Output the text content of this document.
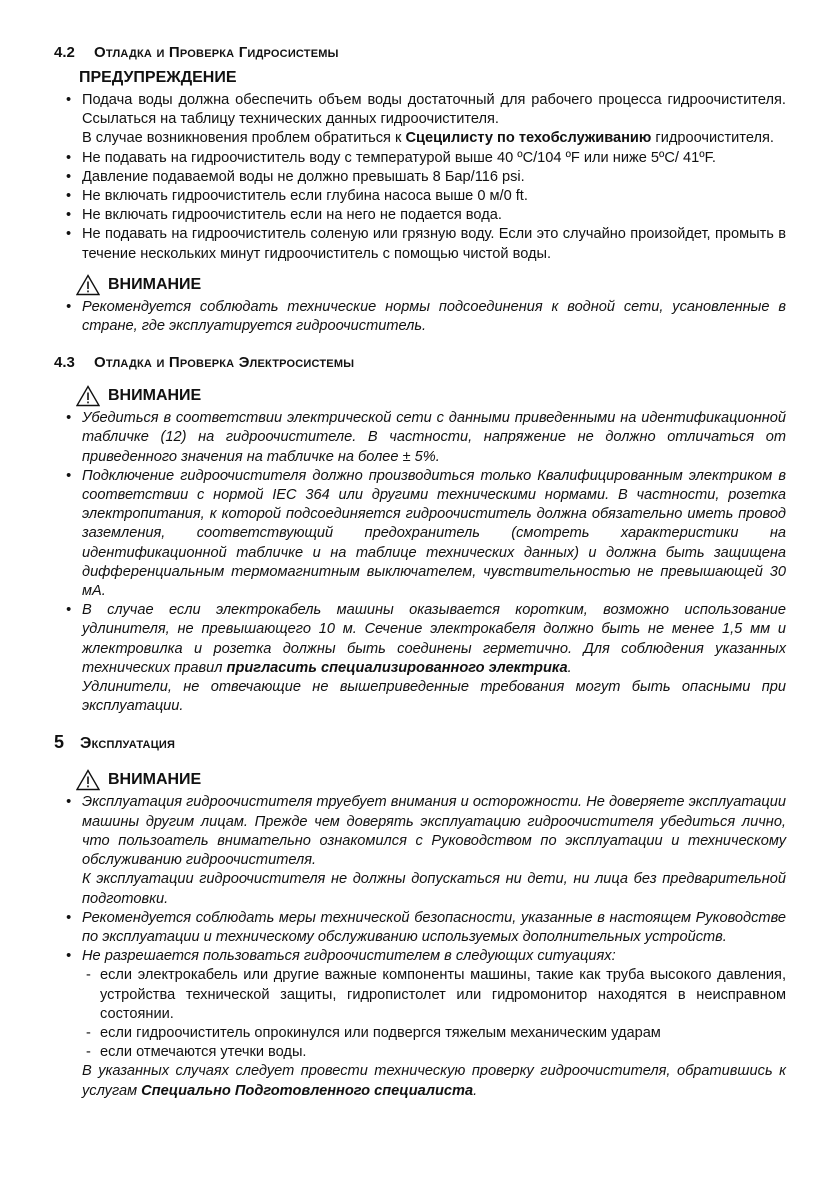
4.2	Отладка и Проверка Гидросистемы
ПРЕДУПРЕЖДЕНИЕ
• Подача воды должна обеспечить объем воды достаточный для рабочего процесса гидроочистителя. Ссылаться на таблицу технических данных гидроочистителя.
В случае возникновения проблем обратиться к Сцецилисту по техобслуживанию гидроочистителя.
• Не подавать на гидроочиститель воду с температурой выше 40 ºC/104 ºF или ниже 5ºC/ 41ºF.
• Давление подаваемой воды не должно превышать 8 Бар/116 psi.
• Не включать гидроочиститель если глубина насоса выше 0 м/0 ft.
• Не включать гидроочиститель если на него не подается вода.
• Не подавать на гидроочиститель соленую или грязную воду. Если это случайно произойдет, промыть в течение нескольких минут гидроочиститель с помощью чистой воды.
ВНИМАНИЕ
• Рекомендуется соблюдать технические нормы подсоединения к водной сети, усановленные в стране, где эксплуатируется гидроочиститель.
4.3	Отладка и Проверка Электросистемы
ВНИМАНИЕ
• Убедиться в соответствии электрической сети с данными приведенными на идентификационной табличке (12) на гидроочистителе. В частности, напряжение не должно отличаться от приведенного значения на табличке на более ± 5%.
• Подключение гидроочистителя должно производиться только Квалифицированным электриком в соответствии с нормой IEC 364 или другими техническими нормами. В частности, розетка электропитания, к которой подсоединяется гидроочиститель должна обязательно иметь провод заземления, соответствующий предохранитель (смотреть характеристики на идентификационной табличке и на таблице технических данных) и должна быть защищена дифференциальным термомагнитным выключателем, чувствительностью не превышающей 30 мА.
• В случае если электрокабель машины оказывается коротким, возможно использование удлинителя, не превышающего 10 м. Сечение электрокабеля должно быть не менее 1,5 мм и жлектровилка и розетка должны быть соединены герметично. Для соблюдения указанных технических правил пригласить специализированного электрика.
Удлинители, не отвечающие не вышеприведенные требования могут быть опасными при эксплуатации.
5 Эксплуатация
ВНИМАНИЕ
• Эксплуатация гидроочистителя труебует внимания и осторожности. Не доверяете эксплуатации машины другим лицам. Прежде чем доверять эксплуатацию гидроочистителя убедиться лично, что пользоатель внимательно ознакомился с Руководством по эксплуатации и техническому обслуживанию гидроочистителя.
К эксплуатации гидроочистителя не должны допускаться ни дети, ни лица без предварительной подготовки.
• Рекомендуется соблюдать меры технической безопасности, указанные в настоящем Руководстве по эксплуатации и техническому обслуживанию используемых дополнительных устройств.
• Не разрешается пользоваться гидроочистителем в следующих ситуациях:
- если электрокабель или другие важные компоненты машины, такие как труба высокого давления, устройства технической защиты, гидропистолет или гидромонитор находятся в неисправном состоянии.
- если гидроочиститель опрокинулся или подвергся тяжелым механическим ударам
- если отмечаются утечки воды.
В указанных случаях следует провести техническую проверку гидроочистителя, обратившись к услугам Специально Подготовленного специалиста.
